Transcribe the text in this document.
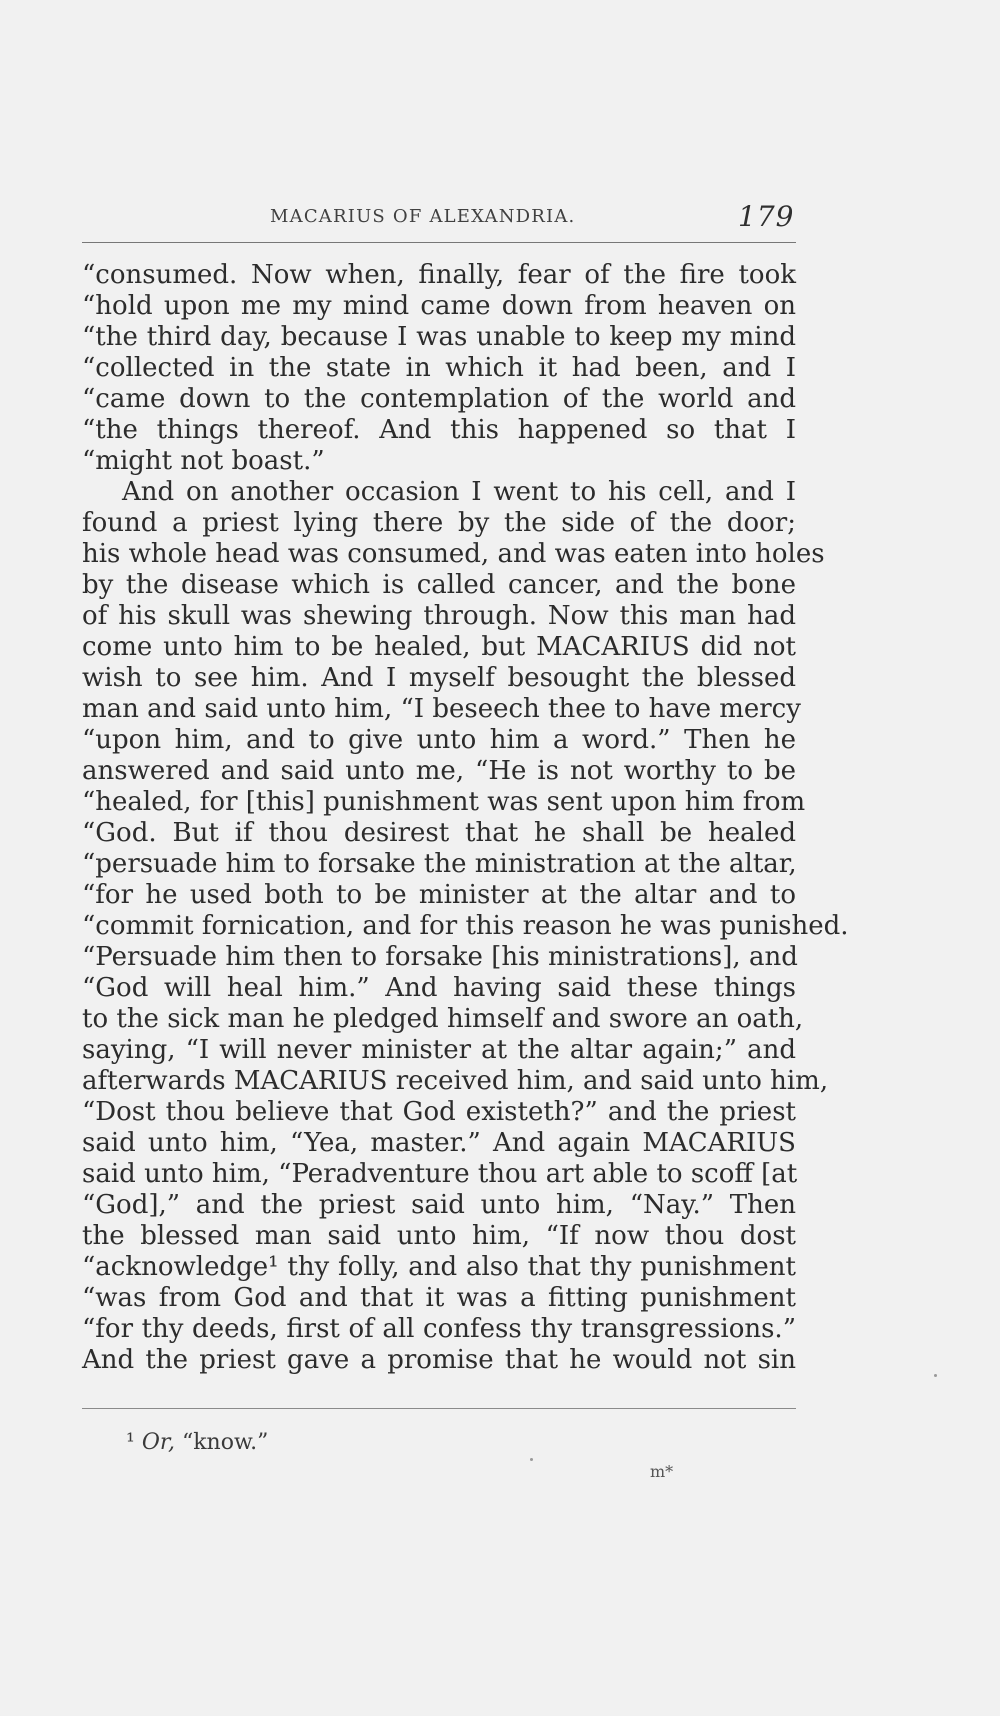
MACARIUS OF ALEXANDRIA.	179
“consumed. Now when, finally, fear of the fire took
“hold upon me my mind came down from heaven on
“the third day, because I was unable to keep my mind
“collected in the state in which it had been, and I
“came down to the contemplation of the world and
“the things thereof. And this happened so that I
“might not boast.”
And on another occasion I went to his cell, and I
found a priest lying there by the side of the door;
his whole head was consumed, and was eaten into holes
by the disease which is called cancer, and the bone
of his skull was shewing through. Now this man had
come unto him to be healed, but MACARIUS did not
wish to see him. And I myself besought the blessed
man and said unto him, “I beseech thee to have mercy
“upon him, and to give unto him a word.” Then he
answered and said unto me, “He is not worthy to be
“healed, for [this] punishment was sent upon him from
“God. But if thou desirest that he shall be healed
“persuade him to forsake the ministration at the altar,
“for he used both to be minister at the altar and to
“commit fornication, and for this reason he was punished.
“Persuade him then to forsake [his ministrations], and
“God will heal him.” And having said these things
to the sick man he pledged himself and swore an oath,
saying, “I will never minister at the altar again;” and
afterwards MACARIUS received him, and said unto him,
“Dost thou believe that God existeth?” and the priest
said unto him, “Yea, master.” And again MACARIUS
said unto him, “Peradventure thou art able to scoff [at
“God],” and the priest said unto him, “Nay.” Then
the blessed man said unto him, “If now thou dost
“acknowledge¹ thy folly, and also that thy punishment
“was from God and that it was a fitting punishment
“for thy deeds, first of all confess thy transgressions.”
And the priest gave a promise that he would not sin
¹ Or, “know.”
m*
